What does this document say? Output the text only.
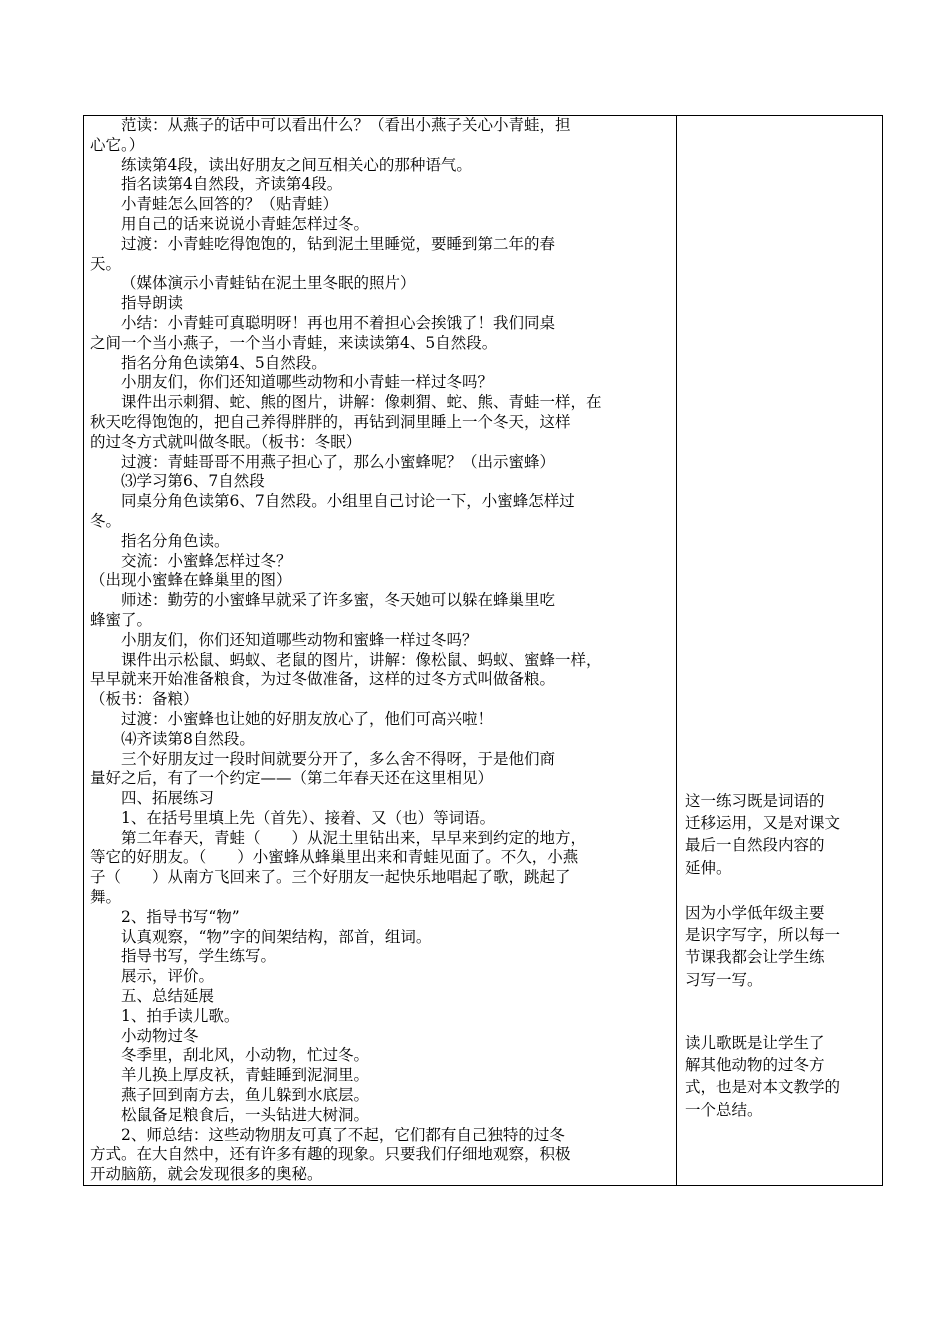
范读：从燕子的话中可以看出什么？（看出小燕子关心小青蛙，担
心它。）
练读第4段，读出好朋友之间互相关心的那种语气。
指名读第4自然段，齐读第4段。
小青蛙怎么回答的？（贴青蛙）
用自己的话来说说小青蛙怎样过冬。
过渡：小青蛙吃得饱饱的，钻到泥土里睡觉，要睡到第二年的春
天。
（媒体演示小青蛙钻在泥土里冬眠的照片）
指导朗读
小结：小青蛙可真聪明呀！再也用不着担心会挨饿了！我们同桌
之间一个当小燕子，一个当小青蛙，来读读第4、5自然段。
指名分角色读第4、5自然段。
小朋友们，你们还知道哪些动物和小青蛙一样过冬吗？
课件出示刺猬、蛇、熊的图片，讲解：像刺猬、蛇、熊、青蛙一样，在
秋天吃得饱饱的，把自己养得胖胖的，再钻到洞里睡上一个冬天，这样
的过冬方式就叫做冬眠。（板书：冬眠）
过渡：青蛙哥哥不用燕子担心了，那么小蜜蜂呢？（出示蜜蜂）
⑶学习第6、7自然段
同桌分角色读第6、7自然段。小组里自己讨论一下，小蜜蜂怎样过
冬。
指名分角色读。
交流：小蜜蜂怎样过冬？
（出现小蜜蜂在蜂巢里的图）
师述：勤劳的小蜜蜂早就采了许多蜜，冬天她可以躲在蜂巢里吃
蜂蜜了。
小朋友们，你们还知道哪些动物和蜜蜂一样过冬吗？
课件出示松鼠、蚂蚁、老鼠的图片，讲解：像松鼠、蚂蚁、蜜蜂一样，
早早就来开始准备粮食，为过冬做准备，这样的过冬方式叫做备粮。
（板书：备粮）
过渡：小蜜蜂也让她的好朋友放心了，他们可高兴啦！
⑷齐读第8自然段。
三个好朋友过一段时间就要分开了，多么舍不得呀，于是他们商
量好之后，有了一个约定——（第二年春天还在这里相见）
四、拓展练习
1、在括号里填上先（首先）、接着、又（也）等词语。
第二年春天，青蛙（　　）从泥土里钻出来，早早来到约定的地方，
等它的好朋友。（　　）小蜜蜂从蜂巢里出来和青蛙见面了。不久，小燕
子（　　）从南方飞回来了。三个好朋友一起快乐地唱起了歌，跳起了
舞。
2、指导书写“物”
认真观察，“物”字的间架结构，部首，组词。
指导书写，学生练写。
展示，评价。
五、总结延展
1、拍手读儿歌。
小动物过冬
冬季里，刮北风，小动物，忙过冬。
羊儿换上厚皮袄，青蛙睡到泥洞里。
燕子回到南方去，鱼儿躲到水底层。
松鼠备足粮食后，一头钻进大树洞。
2、师总结：这些动物朋友可真了不起，它们都有自己独特的过冬
方式。在大自然中，还有许多有趣的现象。只要我们仔细地观察，积极
开动脑筋，就会发现很多的奥秘。

这一练习既是词语的
迁移运用，又是对课文
最后一自然段内容的
延伸。
因为小学低年级主要
是识字写字，所以每一
节课我都会让学生练
习写一写。
读儿歌既是让学生了
解其他动物的过冬方
式，也是对本文教学的
一个总结。
